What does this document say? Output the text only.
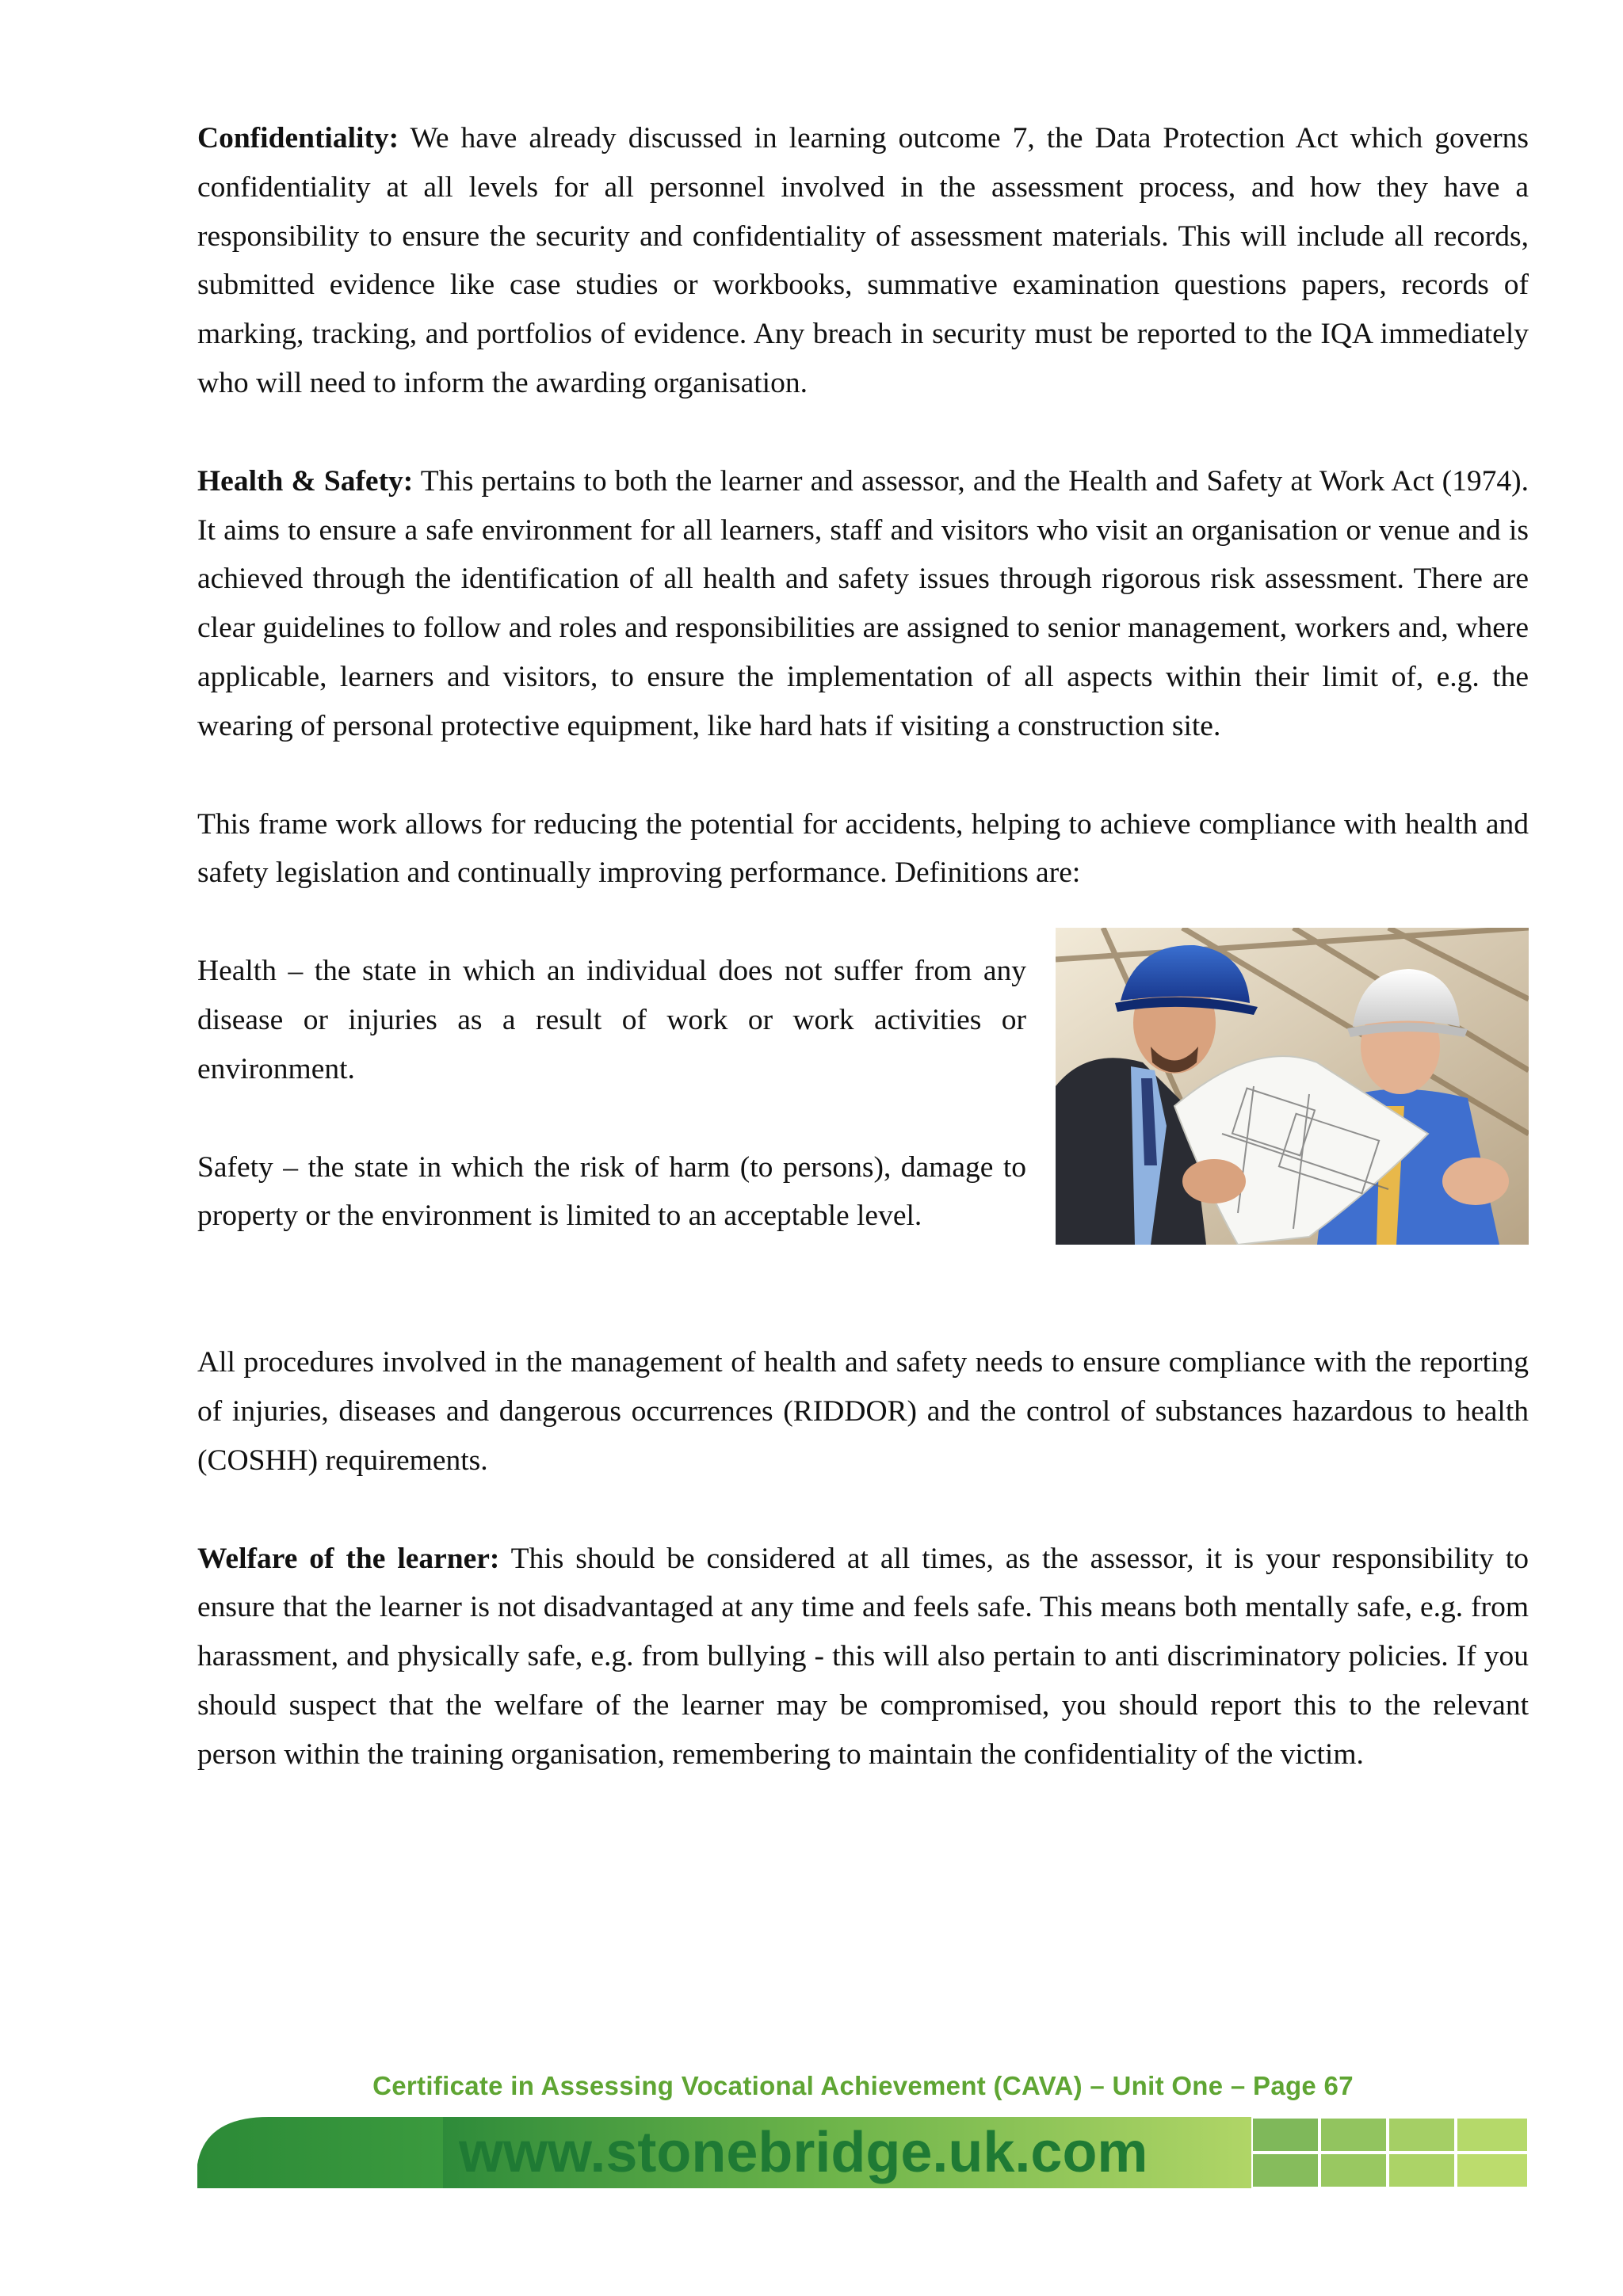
Confidentiality: We have already discussed in learning outcome 7, the Data Protection Act which governs confidentiality at all levels for all personnel involved in the assessment process, and how they have a responsibility to ensure the security and confidentiality of assessment materials. This will include all records, submitted evidence like case studies or workbooks, summative examination questions papers, records of marking, tracking, and portfolios of evidence. Any breach in security must be reported to the IQA immediately who will need to inform the awarding organisation.

Health & Safety: This pertains to both the learner and assessor, and the Health and Safety at Work Act (1974). It aims to ensure a safe environment for all learners, staff and visitors who visit an organisation or venue and is achieved through the identification of all health and safety issues through rigorous risk assessment. There are clear guidelines to follow and roles and responsibilities are assigned to senior management, workers and, where applicable, learners and visitors, to ensure the implementation of all aspects within their limit of, e.g. the wearing of personal protective equipment, like hard hats if visiting a construction site.

This frame work allows for reducing the potential for accidents, helping to achieve compliance with health and safety legislation and continually improving performance. Definitions are:

Health – the state in which an individual does not suffer from any disease or injuries as a result of work or work activities or environment.

Safety – the state in which the risk of harm (to persons), damage to property or the environment is limited to an acceptable level.

All procedures involved in the management of health and safety needs to ensure compliance with the reporting of injuries, diseases and dangerous occurrences (RIDDOR) and the control of substances hazardous to health (COSHH) requirements.

Welfare of the learner: This should be considered at all times, as the assessor, it is your responsibility to ensure that the learner is not disadvantaged at any time and feels safe. This means both mentally safe, e.g. from harassment, and physically safe, e.g. from bullying - this will also pertain to anti discriminatory policies. If you should suspect that the welfare of the learner may be compromised, you should report this to the relevant person within the training organisation, remembering to maintain the confidentiality of the victim.

Certificate in Assessing Vocational Achievement (CAVA) – Unit One – Page 67
www.stonebridge.uk.com
